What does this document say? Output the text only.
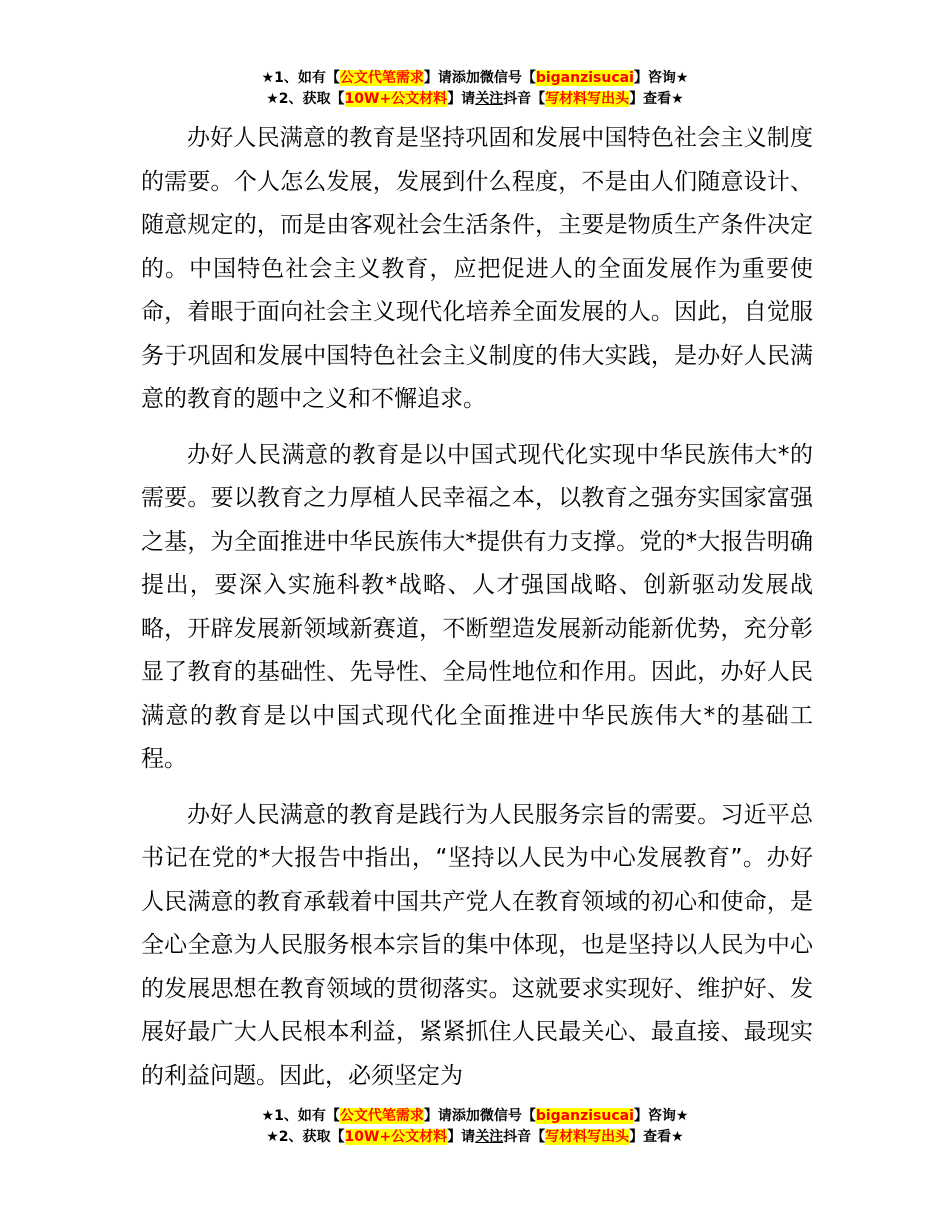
★1、如有【公文代笔需求】请添加微信号【biganzisucai】咨询★
★2、获取【10W+公文材料】请关注抖音【写材料写出头】查看★

办好人民满意的教育是坚持巩固和发展中国特色社会主义制度的需要。个人怎么发展，发展到什么程度，不是由人们随意设计、随意规定的，而是由客观社会生活条件，主要是物质生产条件决定的。中国特色社会主义教育，应把促进人的全面发展作为重要使命，着眼于面向社会主义现代化培养全面发展的人。因此，自觉服务于巩固和发展中国特色社会主义制度的伟大实践，是办好人民满意的教育的题中之义和不懈追求。

办好人民满意的教育是以中国式现代化实现中华民族伟大*的需要。要以教育之力厚植人民幸福之本，以教育之强夯实国家富强之基，为全面推进中华民族伟大*提供有力支撑。党的*大报告明确提出，要深入实施科教*战略、人才强国战略、创新驱动发展战略，开辟发展新领域新赛道，不断塑造发展新动能新优势，充分彰显了教育的基础性、先导性、全局性地位和作用。因此，办好人民满意的教育是以中国式现代化全面推进中华民族伟大*的基础工程。

办好人民满意的教育是践行为人民服务宗旨的需要。习近平总书记在党的*大报告中指出，“坚持以人民为中心发展教育”。办好人民满意的教育承载着中国共产党人在教育领域的初心和使命，是全心全意为人民服务根本宗旨的集中体现，也是坚持以人民为中心的发展思想在教育领域的贯彻落实。这就要求实现好、维护好、发展好最广大人民根本利益，紧紧抓住人民最关心、最直接、最现实的利益问题。因此，必须坚定为

★1、如有【公文代笔需求】请添加微信号【biganzisucai】咨询★
★2、获取【10W+公文材料】请关注抖音【写材料写出头】查看★
